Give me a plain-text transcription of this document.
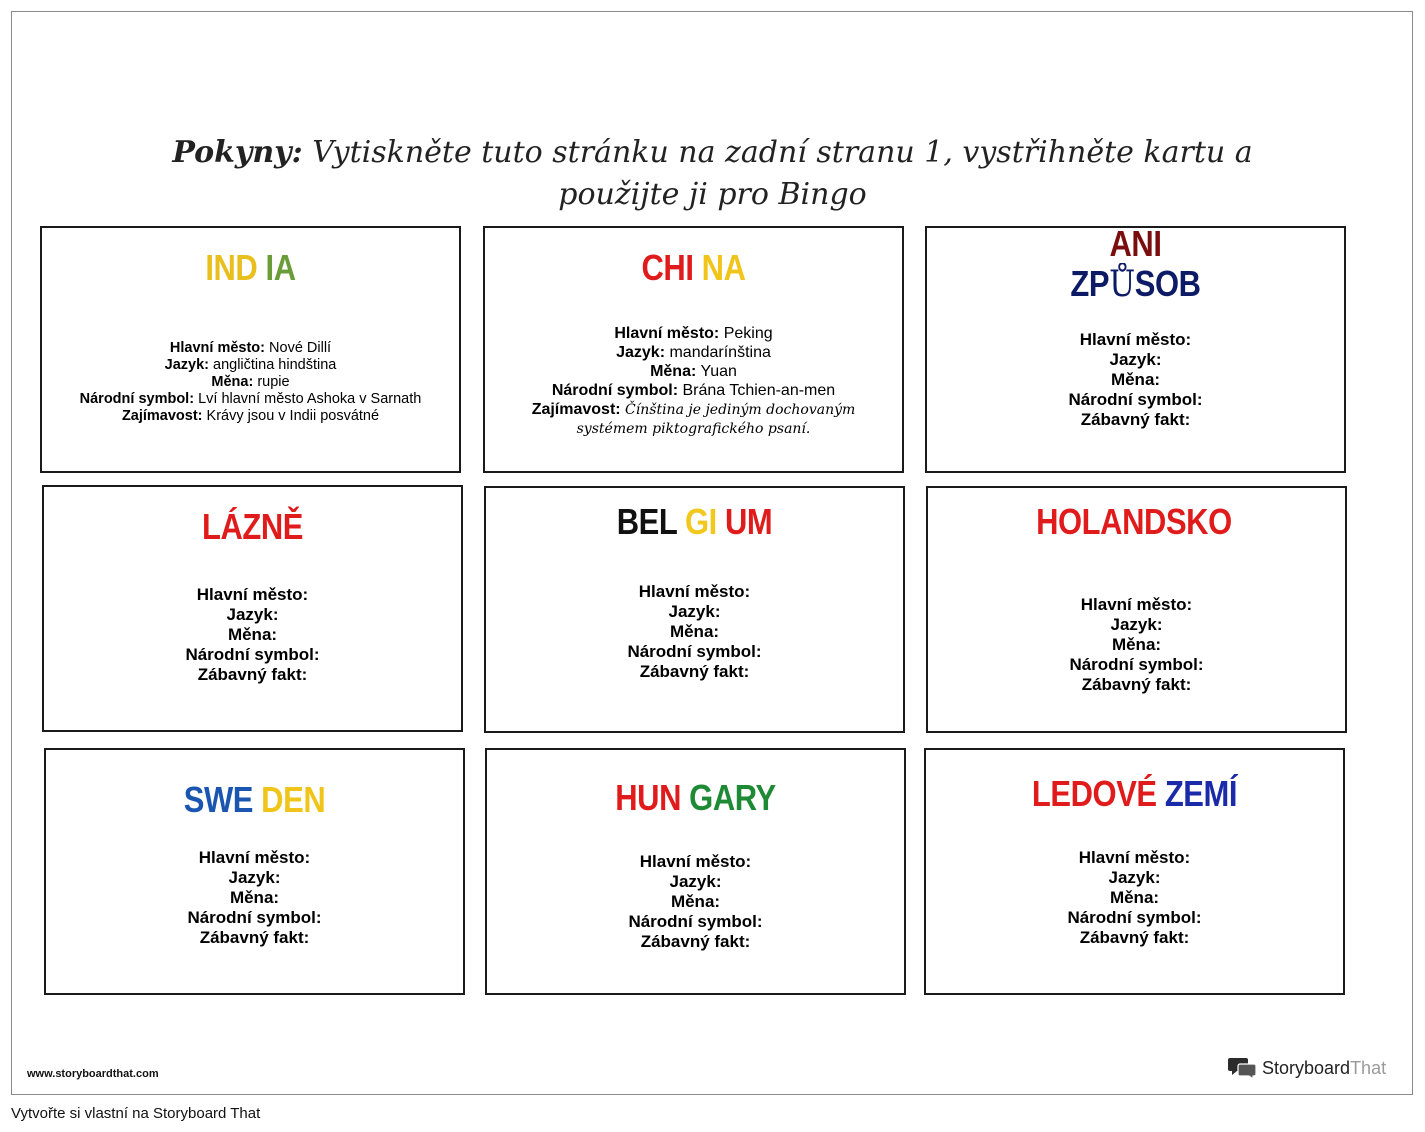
Pokyny: Vytiskněte tuto stránku na zadní stranu 1, vystřihněte kartu a
použijte ji pro Bingo
IND IA
Hlavní město: Nové Dillí
Jazyk: angličtina hindština
Měna: rupie
Národní symbol: Lví hlavní město Ashoka v Sarnath
Zajímavost: Krávy jsou v Indii posvátné
CHI NA
Hlavní město: Peking
Jazyk: mandarínština
Měna: Yuan
Národní symbol: Brána Tchien-an-men
Zajímavost: Čínština je jediným dochovaným
systémem piktografického psaní.
ANI
ZPŮSOB
Hlavní město:
Jazyk:
Měna:
Národní symbol:
Zábavný fakt:
LÁZNĚ
Hlavní město:
Jazyk:
Měna:
Národní symbol:
Zábavný fakt:
BEL GI UM
Hlavní město:
Jazyk:
Měna:
Národní symbol:
Zábavný fakt:
HOLANDSKO
Hlavní město:
Jazyk:
Měna:
Národní symbol:
Zábavný fakt:
SWE DEN
Hlavní město:
Jazyk:
Měna:
Národní symbol:
Zábavný fakt:
HUN GARY
Hlavní město:
Jazyk:
Měna:
Národní symbol:
Zábavný fakt:
LEDOVÉ ZEMÍ
Hlavní město:
Jazyk:
Měna:
Národní symbol:
Zábavný fakt:
www.storyboardthat.com	StoryboardThat
Vytvořte si vlastní na Storyboard That
